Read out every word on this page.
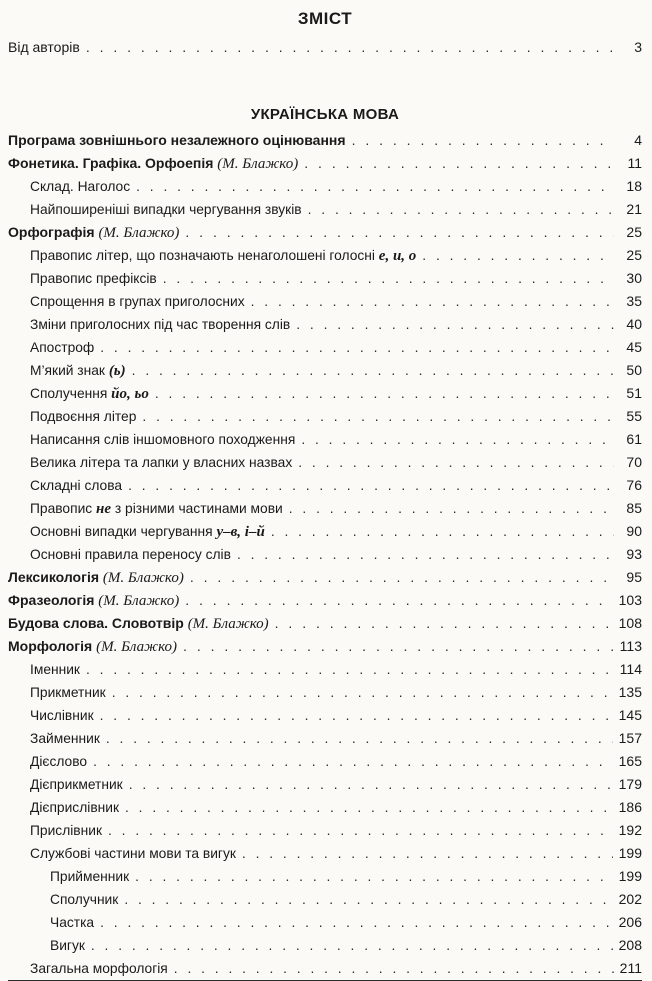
ЗМІСТ
Від авторів . . .	3
УКРАЇНСЬКА МОВА
Програма зовнішнього незалежного оцінювання . . .	4
Фонетика. Графіка. Орфоепія (М. Блажко) . . .	11
Склад. Наголос . . .	18
Найпоширеніші випадки чергування звуків . . .	21
Орфографія (М. Блажко) . . .	25
Правопис літер, що позначають ненаголошені голосні е, и, о . . .	25
Правопис префіксів . . .	30
Спрощення в групах приголосних . . .	35
Зміни приголосних під час творення слів . . .	40
Апостроф . . .	45
М’який знак (ь) . . .	50
Сполучення йо, ьо . . .	51
Подвоєння літер . . .	55
Написання слів іншомовного походження . . .	61
Велика літера та лапки у власних назвах . . .	70
Складні слова . . .	76
Правопис не з різними частинами мови . . .	85
Основні випадки чергування у–в, і–й . . .	90
Основні правила переносу слів . . .	93
Лексикологія (М. Блажко) . . .	95
Фразеологія (М. Блажко) . . .	103
Будова слова. Словотвір (М. Блажко) . . .	108
Морфологія (М. Блажко) . . .	113
Іменник . . .	114
Прикметник . . .	135
Числівник . . .	145
Займенник . . .	157
Дієслово . . .	165
Дієприкметник . . .	179
Дієприслівник . . .	186
Прислівник . . .	192
Службові частини мови та вигук . . .	199
Прийменник . . .	199
Сполучник . . .	202
Частка . . .	206
Вигук . . .	208
Загальна морфологія . . .	211
